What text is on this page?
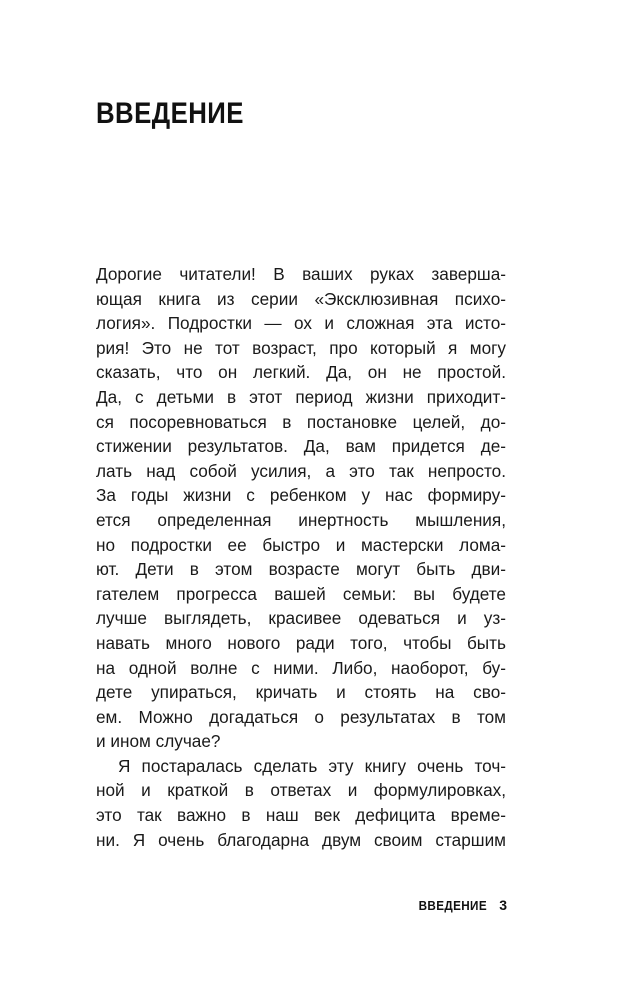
ВВЕДЕНИЕ
Дорогие читатели! В ваших руках заверша-
ющая книга из серии «Эксклюзивная психо-
логия». Подростки — ох и сложная эта исто-
рия! Это не тот возраст, про который я могу
сказать, что он легкий. Да, он не простой.
Да, с детьми в этот период жизни приходит-
ся посоревноваться в постановке целей, до-
стижении результатов. Да, вам придется де-
лать над собой усилия, а это так непросто.
За годы жизни с ребенком у нас формиру-
ется определенная инертность мышления,
но подростки ее быстро и мастерски лома-
ют. Дети в этом возрасте могут быть дви-
гателем прогресса вашей семьи: вы будете
лучше выглядеть, красивее одеваться и уз-
навать много нового ради того, чтобы быть
на одной волне с ними. Либо, наоборот, бу-
дете упираться, кричать и стоять на сво-
ем. Можно догадаться о результатах в том
и ином случае?
Я постаралась сделать эту книгу очень точ-
ной и краткой в ответах и формулировках,
это так важно в наш век дефицита време-
ни. Я очень благодарна двум своим старшим
ВВЕДЕНИЕ 3
